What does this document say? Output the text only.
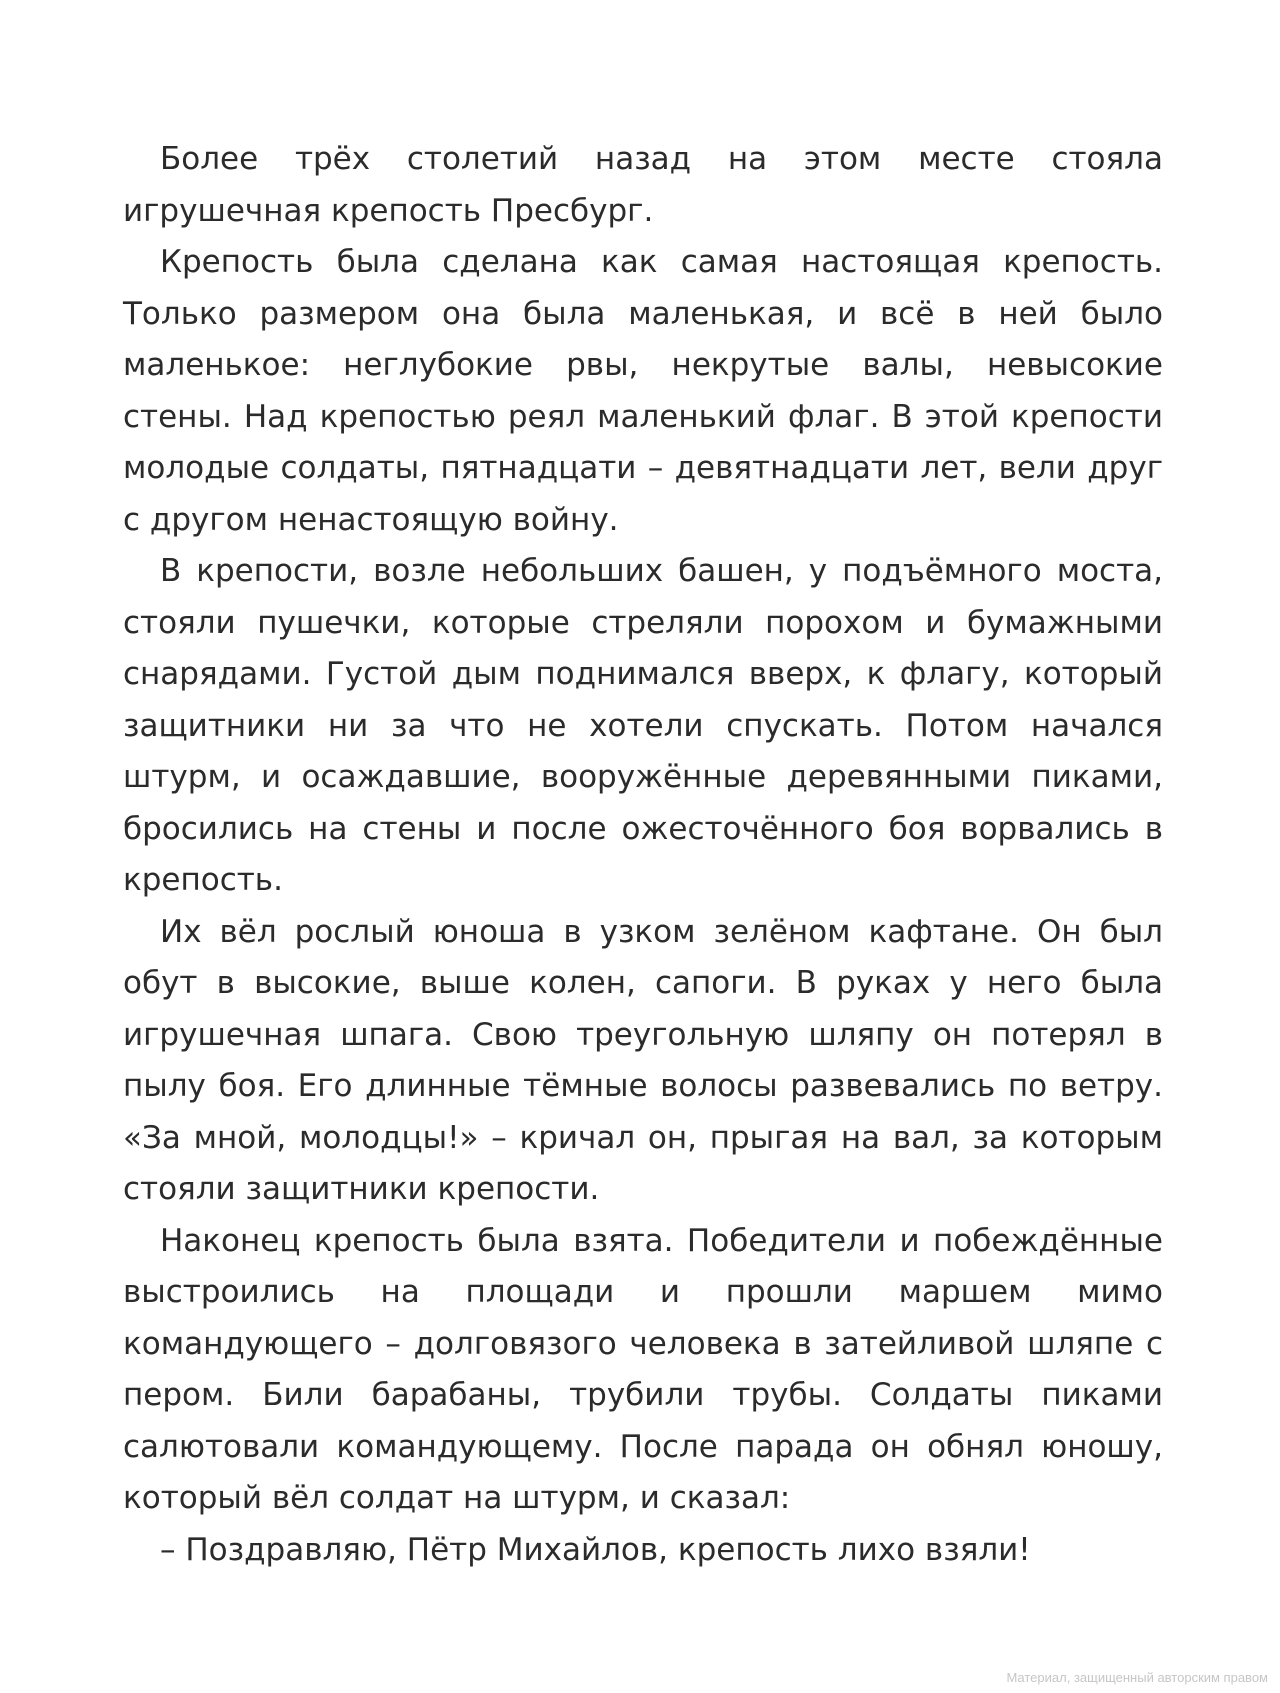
Более трёх столетий назад на этом месте стояла игрушечная крепость Пресбург.

Крепость была сделана как самая настоящая крепость. Только размером она была маленькая, и всё в ней было маленькое: неглубокие рвы, некрутые валы, невысокие стены. Над крепостью реял маленький флаг. В этой крепости молодые солдаты, пятнадцати – девятнадцати лет, вели друг с другом ненастоящую войну.

В крепости, возле небольших башен, у подъёмного моста, стояли пушечки, которые стреляли порохом и бумажными снарядами. Густой дым поднимался вверх, к флагу, который защитники ни за что не хотели спускать. Потом начался штурм, и осаждавшие, вооружённые деревянными пиками, бросились на стены и после ожесточённого боя ворвались в крепость.

Их вёл рослый юноша в узком зелёном кафтане. Он был обут в высокие, выше колен, сапоги. В руках у него была игрушечная шпага. Свою треугольную шляпу он потерял в пылу боя. Его длинные тёмные волосы развевались по ветру. «За мной, молодцы!» – кричал он, прыгая на вал, за которым стояли защитники крепости.

Наконец крепость была взята. Победители и побеждённые выстроились на площади и прошли маршем мимо командующего – долговязого человека в затейливой шляпе с пером. Били барабаны, трубили трубы. Солдаты пиками салютовали командующему. После парада он обнял юношу, который вёл солдат на штурм, и сказал:

– Поздравляю, Пётр Михайлов, крепость лихо взяли!

Материал, защищенный авторским правом
